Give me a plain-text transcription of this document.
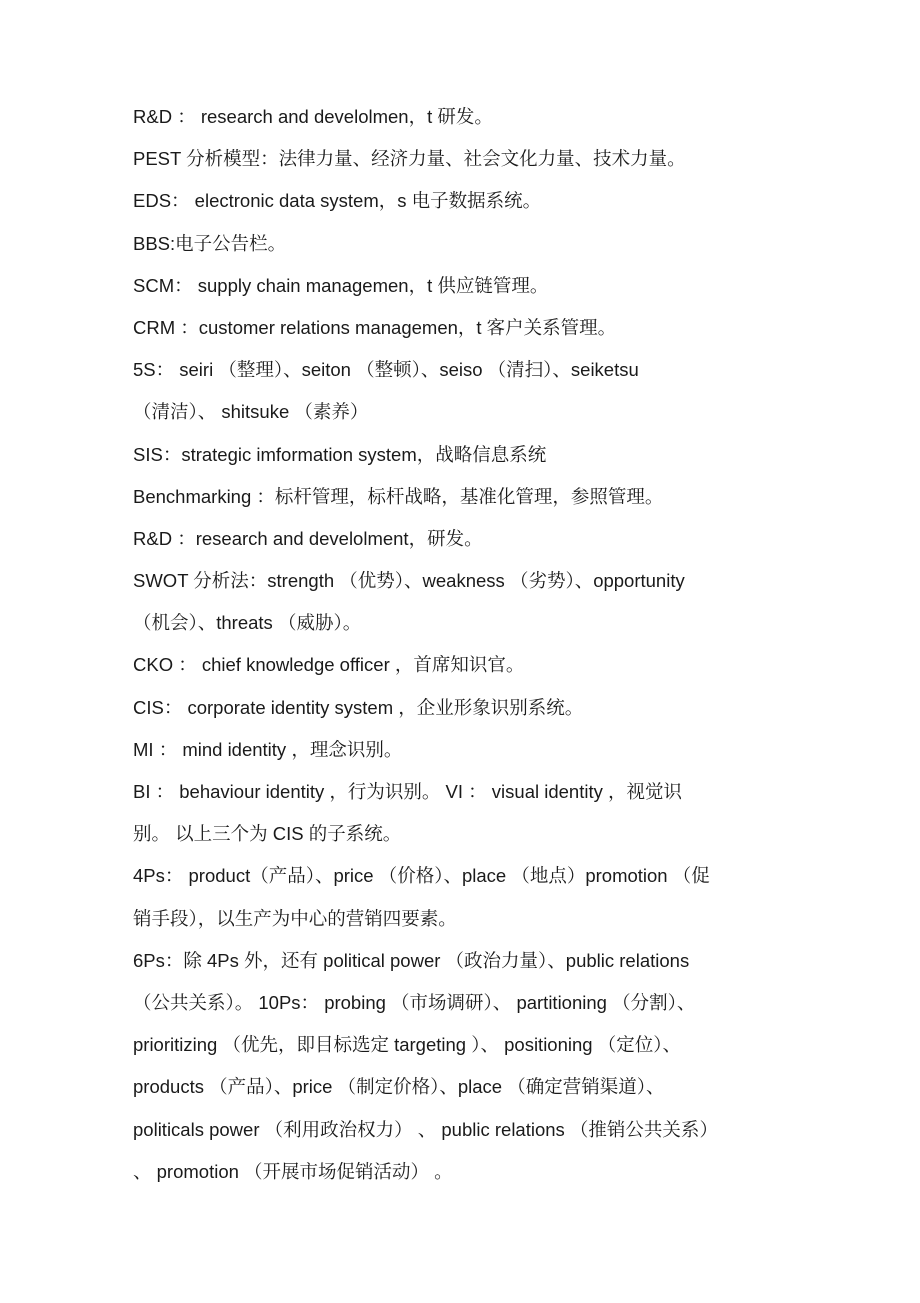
R&D ： research and develolmen，t 研发。
PEST 分析模型：法律力量、经济力量、社会文化力量、技术力量。
EDS： electronic data system，s 电子数据系统。
BBS:电子公告栏。
SCM： supply chain managemen，t 供应链管理。
CRM ：customer relations managemen，t 客户关系管理。
5S： seiri （整理）、seiton （整顿）、seiso （清扫）、seiketsu
（清洁）、 shitsuke （素养）
SIS：strategic imformation system，战略信息系统
Benchmarking ：标杆管理，标杆战略，基准化管理，参照管理。
R&D ：research and develolment，研发。
SWOT 分析法：strength （优势）、weakness （劣势）、opportunity
（机会）、threats （威胁）。
CKO ： chief knowledge officer ，首席知识官。
CIS： corporate identity system ，企业形象识别系统。
MI ： mind identity ，理念识别。
BI ： behaviour identity ，行为识别。 VI ： visual identity ，视觉识
别。 以上三个为 CIS 的子系统。
4Ps： product（产品）、price （价格）、place （地点）promotion （促
销手段），以生产为中心的营销四要素。
6Ps：除 4Ps 外，还有 political power （政治力量）、public relations
（公共关系）。 10Ps： probing （市场调研）、 partitioning （分割）、
prioritizing （优先，即目标选定 targeting ）、 positioning （定位）、
products （产品）、price （制定价格）、place （确定营销渠道）、
politicals power （利用政治权力） 、 public relations （推销公共关系）
、 promotion （开展市场促销活动） 。
